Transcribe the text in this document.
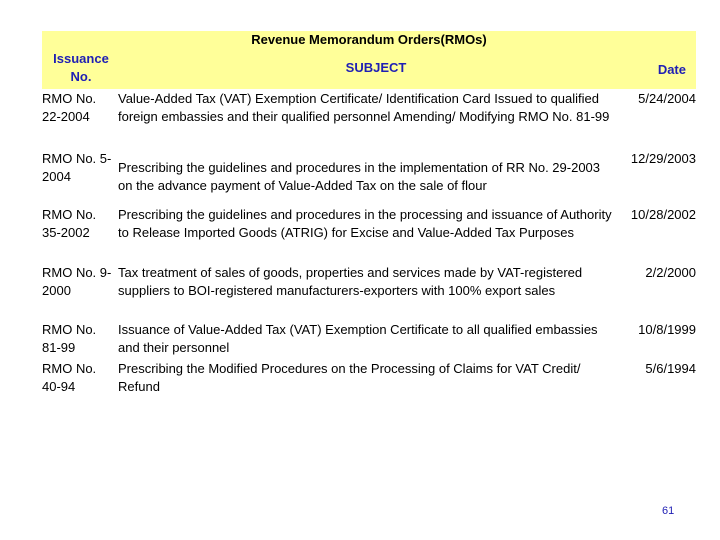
Revenue Memorandum Orders(RMOs)
Issuance No.
SUBJECT	Date
RMO No. 22-2004
Value-Added Tax (VAT) Exemption Certificate/ Identification Card Issued to qualified foreign embassies and their qualified personnel Amending/ Modifying RMO No. 81-99
5/24/2004
RMO No. 5-2004
Prescribing the guidelines and procedures in the implementation of RR No. 29-2003 on the advance payment of Value-Added Tax on the sale of flour
12/29/2003
RMO No. 35-2002
Prescribing the guidelines and procedures in the processing and issuance of Authority to Release Imported Goods (ATRIG) for Excise and Value-Added Tax Purposes
10/28/2002
RMO No. 9-2000
Tax treatment of sales of goods, properties and services made by VAT-registered suppliers to BOI-registered manufacturers-exporters with 100% export sales
2/2/2000
RMO No. 81-99
Issuance of Value-Added Tax (VAT) Exemption Certificate to all qualified embassies and their personnel
10/8/1999
RMO No. 40-94
Prescribing the Modified Procedures on the Processing of Claims for VAT Credit/ Refund
5/6/1994
61
